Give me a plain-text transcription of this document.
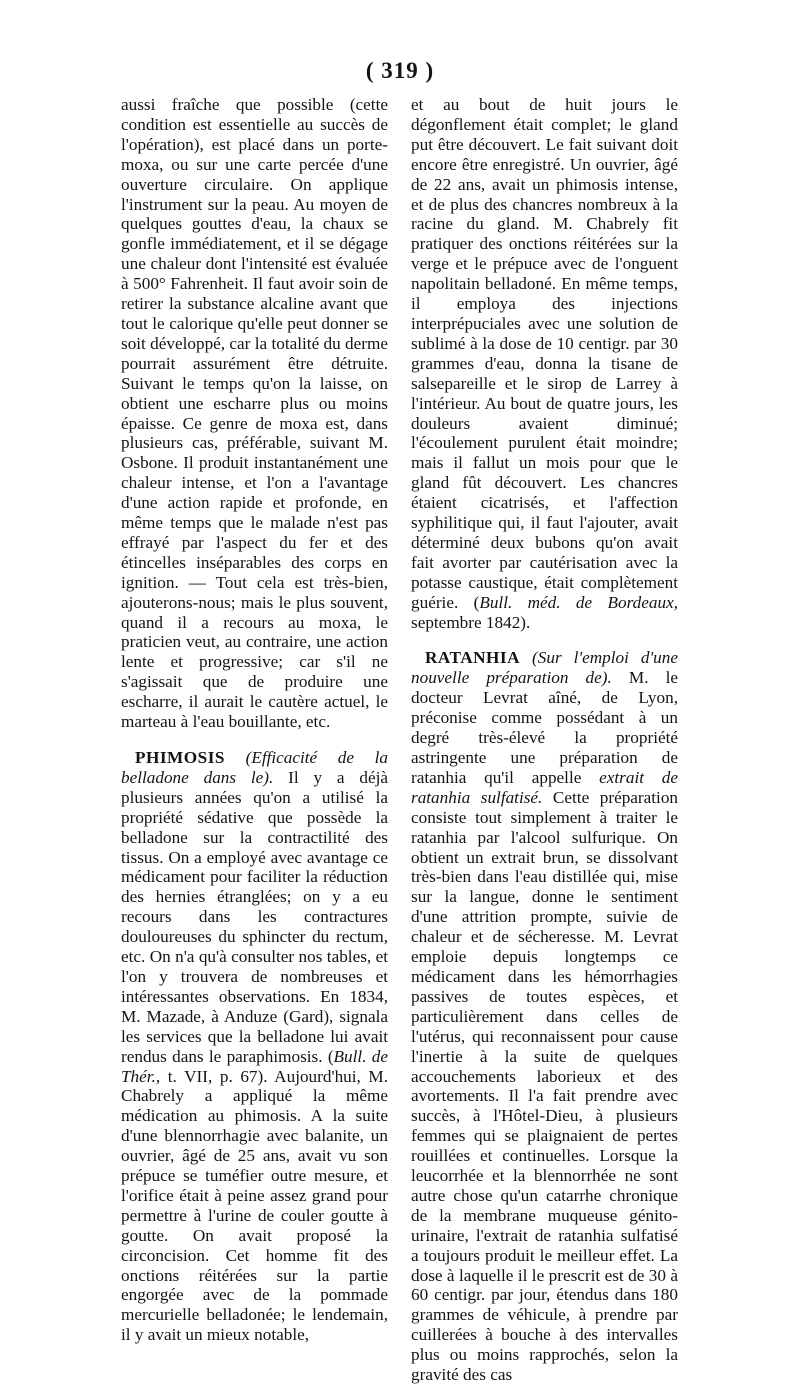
( 319 )

aussi fraîche que possible (cette condition est essentielle au succès de l'opération), est placé dans un porte-moxa, ou sur une carte percée d'une ouverture circulaire. On applique l'instrument sur la peau. Au moyen de quelques gouttes d'eau, la chaux se gonfle immédiatement, et il se dégage une chaleur dont l'intensité est évaluée à 500° Fahrenheit. Il faut avoir soin de retirer la substance alcaline avant que tout le calorique qu'elle peut donner se soit développé, car la totalité du derme pourrait assurément être détruite. Suivant le temps qu'on la laisse, on obtient une escharre plus ou moins épaisse. Ce genre de moxa est, dans plusieurs cas, préférable, suivant M. Osbone. Il produit instantanément une chaleur intense, et l'on a l'avantage d'une action rapide et profonde, en même temps que le malade n'est pas effrayé par l'aspect du fer et des étincelles inséparables des corps en ignition. — Tout cela est très-bien, ajouterons-nous; mais le plus souvent, quand il a recours au moxa, le praticien veut, au contraire, une action lente et progressive; car s'il ne s'agissait que de produire une escharre, il aurait le cautère actuel, le marteau à l'eau bouillante, etc.

PHIMOSIS (Efficacité de la belladone dans le). Il y a déjà plusieurs années qu'on a utilisé la propriété sédative que possède la belladone sur la contractilité des tissus. On a employé avec avantage ce médicament pour faciliter la réduction des hernies étranglées; on y a eu recours dans les contractures douloureuses du sphincter du rectum, etc. On n'a qu'à consulter nos tables, et l'on y trouvera de nombreuses et intéressantes observations. En 1834, M. Mazade, à Anduze (Gard), signala les services que la belladone lui avait rendus dans le paraphimosis. (Bull. de Thér., t. VII, p. 67). Aujourd'hui, M. Chabrely a appliqué la même médication au phimosis. A la suite d'une blennorrhagie avec balanite, un ouvrier, âgé de 25 ans, avait vu son prépuce se tuméfier outre mesure, et l'orifice était à peine assez grand pour permettre à l'urine de couler goutte à goutte. On avait proposé la circoncision. Cet homme fit des onctions réitérées sur la partie engorgée avec de la pommade mercurielle belladonée; le lendemain, il y avait un mieux notable,

et au bout de huit jours le dégonflement était complet; le gland put être découvert. Le fait suivant doit encore être enregistré. Un ouvrier, âgé de 22 ans, avait un phimosis intense, et de plus des chancres nombreux à la racine du gland. M. Chabrely fit pratiquer des onctions réitérées sur la verge et le prépuce avec de l'onguent napolitain belladoné. En même temps, il employa des injections interprépuciales avec une solution de sublimé à la dose de 10 centigr. par 30 grammes d'eau, donna la tisane de salsepareille et le sirop de Larrey à l'intérieur. Au bout de quatre jours, les douleurs avaient diminué; l'écoulement purulent était moindre; mais il fallut un mois pour que le gland fût découvert. Les chancres étaient cicatrisés, et l'affection syphilitique qui, il faut l'ajouter, avait déterminé deux bubons qu'on avait fait avorter par cautérisation avec la potasse caustique, était complètement guérie. (Bull. méd. de Bordeaux, septembre 1842).

RATANHIA (Sur l'emploi d'une nouvelle préparation de). M. le docteur Levrat aîné, de Lyon, préconise comme possédant à un degré très-élevé la propriété astringente une préparation de ratanhia qu'il appelle extrait de ratanhia sulfatisé. Cette préparation consiste tout simplement à traiter le ratanhia par l'alcool sulfurique. On obtient un extrait brun, se dissolvant très-bien dans l'eau distillée qui, mise sur la langue, donne le sentiment d'une attrition prompte, suivie de chaleur et de sécheresse. M. Levrat emploie depuis longtemps ce médicament dans les hémorrhagies passives de toutes espèces, et particulièrement dans celles de l'utérus, qui reconnaissent pour cause l'inertie à la suite de quelques accouchements laborieux et des avortements. Il l'a fait prendre avec succès, à l'Hôtel-Dieu, à plusieurs femmes qui se plaignaient de pertes rouillées et continuelles. Lorsque la leucorrhée et la blennorrhée ne sont autre chose qu'un catarrhe chronique de la membrane muqueuse génito-urinaire, l'extrait de ratanhia sulfatisé a toujours produit le meilleur effet. La dose à laquelle il le prescrit est de 30 à 60 centigr. par jour, étendus dans 180 grammes de véhicule, à prendre par cuillerées à bouche à des intervalles plus ou moins rapprochés, selon la gravité des cas
